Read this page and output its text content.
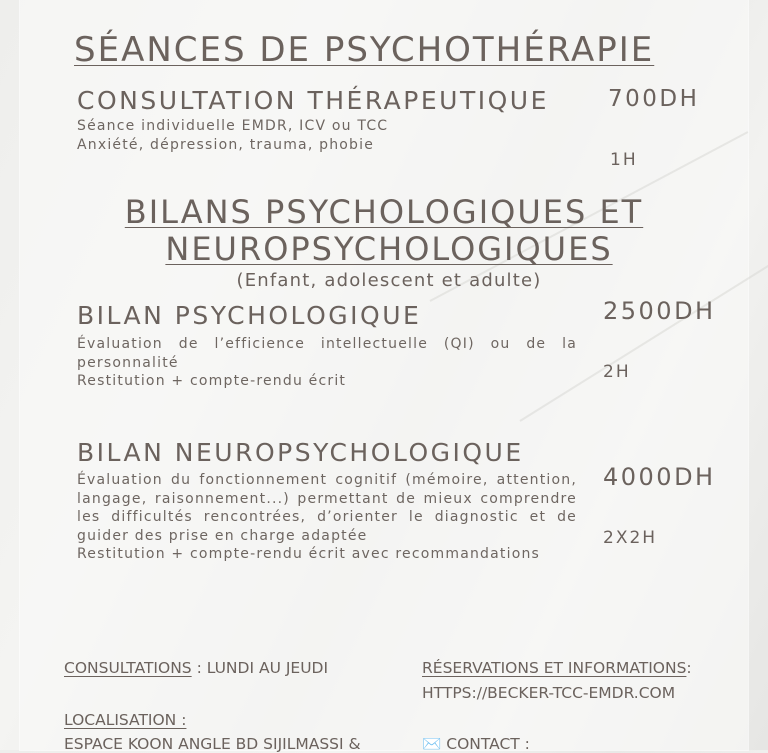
SÉANCES DE PSYCHOTHÉRAPIE
CONSULTATION THÉRAPEUTIQUE	700DH
Séance individuelle EMDR, ICV ou TCC
Anxiété, dépression, trauma, phobie
1H
BILANS PSYCHOLOGIQUES ET
NEUROPSYCHOLOGIQUES
(Enfant, adolescent et adulte)
BILAN PSYCHOLOGIQUE	2500DH
Évaluation de l’efficience intellectuelle (QI) ou de la personnalité
Restitution + compte-rendu écrit	2H
BILAN NEUROPSYCHOLOGIQUE
4000DH
Évaluation du fonctionnement cognitif (mémoire, attention, langage, raisonnement...) permettant de mieux comprendre les difficultés rencontrées, d’orienter le diagnostic et de guider des prise en charge adaptée
Restitution + compte-rendu écrit avec recommandations
2X2H
CONSULTATIONS : LUNDI AU JEUDI	RÉSERVATIONS ET INFORMATIONS:
HTTPS://BECKER-TCC-EMDR.COM
LOCALISATION :
ESPACE KOON ANGLE BD SIJILMASSI &	✉️ CONTACT :
